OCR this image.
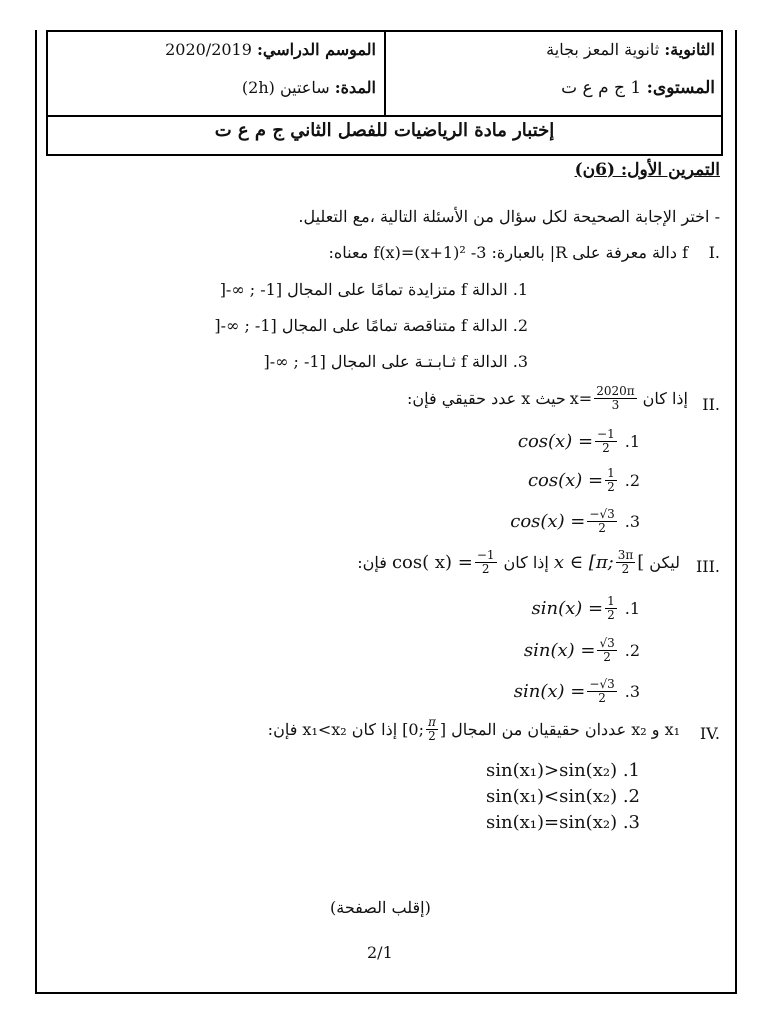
الثانوية: ثانوية المعز بجاية
المستوى: 1 ج م ع ت
الموسم الدراسي: 2020/2019
المدة: ساعتين (2h)
إختبار مادة الرياضيات للفصل الثاني ج م ع ت
التمرين الأول: (6ن)
- اختر الإجابة الصحيحة لكل سؤال من الأسئلة التالية ،مع التعليل.
I.
f دالة معرفة على R| بالعبارة: 3- ²(x+1)=f(x) معناه:
1. الدالة f متزايدة تمامًا على المجال [1- ; ∞-[
2. الدالة f متناقصة تمامًا على المجال [1- ; ∞-[
3. الدالة f ثـابـتـة على المجال [1- ; ∞-[
II.
إذا كان
$x= \frac{2020\pi}{3}$
حيث x عدد حقيقي فإن:
$\cos(x) = \frac{-1}{2} .1$
$\cos(x) = \frac{1}{2} .2$
$\cos(x) = \frac{-√3}{2} .3$
III.
ليكن
x ∈ [π; $\frac{3\pi}{2}$ [
إذا كان
cos( $x) = \frac{-1}{2}$
فإن:
$\sin(x) = \frac{1}{2} .1$
$\sin(x) = \frac{√3}{2} .2$
$\sin(x) = \frac{-√3}{2} .3$
IV.
x₁ و x₂ عددان حقيقيان من المجال
[0; $\frac{\pi}{2}$ ]
إذا كان x₁<x₂ فإن:
sin(x₁)>sin(x₂) .1
sin(x₁)<sin(x₂) .2
sin(x₁)=sin(x₂) .3
(إقلب الصفحة)
2/1
